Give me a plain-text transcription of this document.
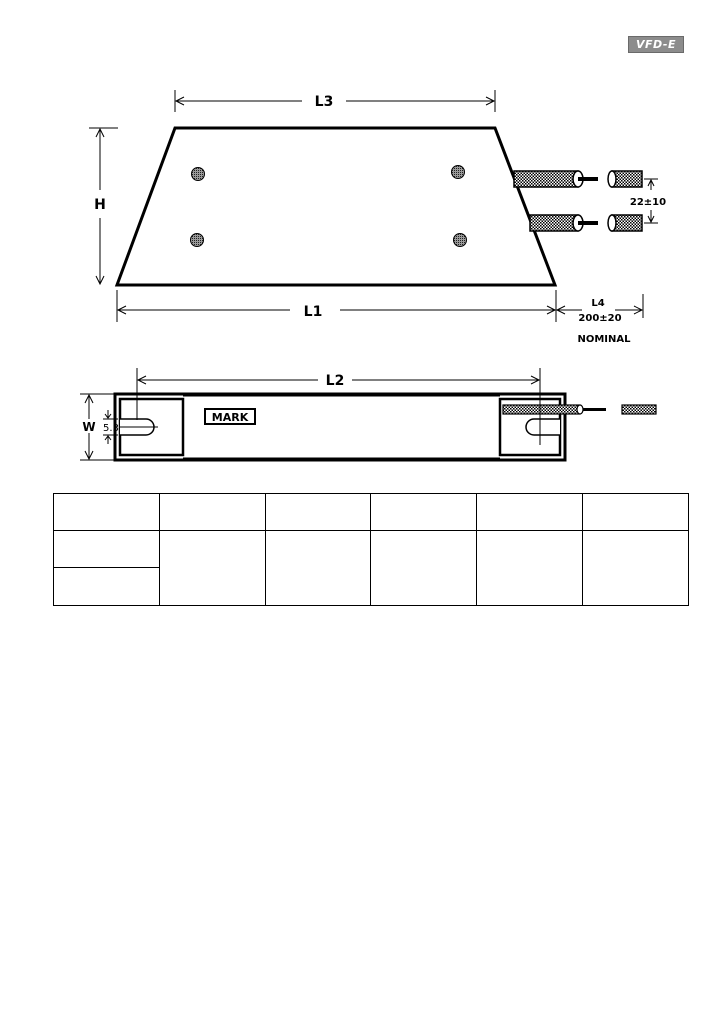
VFD-E
L3
H
L1
L4
200±20
NOMINAL
22±10
MARK
L2
W 5.3
